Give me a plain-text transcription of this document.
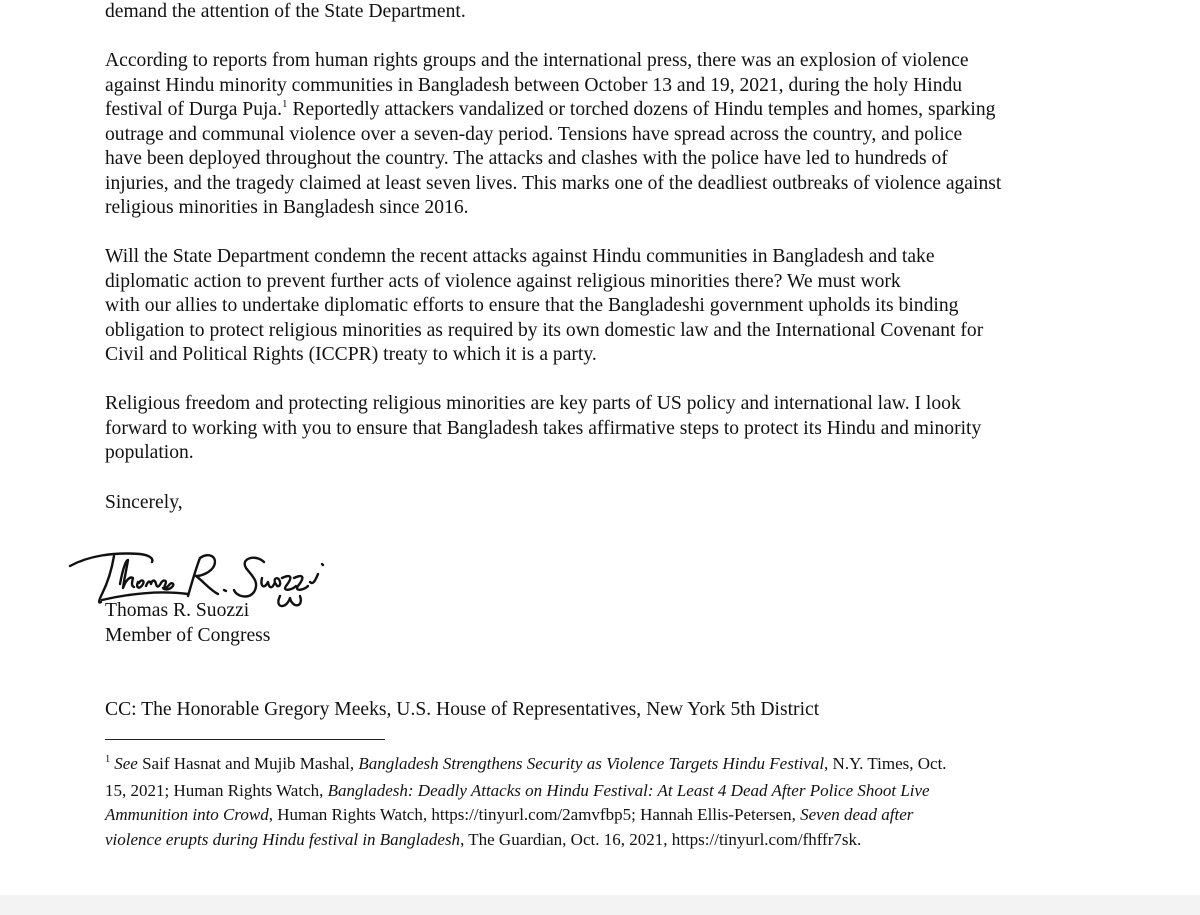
demand the attention of the State Department.
According to reports from human rights groups and the international press, there was an explosion of violence
against Hindu minority communities in Bangladesh between October 13 and 19, 2021, during the holy Hindu
festival of Durga Puja.$^1$ Reportedly attackers vandalized or torched dozens of Hindu temples and homes, sparking
outrage and communal violence over a seven-day period. Tensions have spread across the country, and police
have been deployed throughout the country. The attacks and clashes with the police have led to hundreds of
injuries, and the tragedy claimed at least seven lives. This marks one of the deadliest outbreaks of violence against
religious minorities in Bangladesh since 2016.
Will the State Department condemn the recent attacks against Hindu communities in Bangladesh and take
diplomatic action to prevent further acts of violence against religious minorities there? We must work
with our allies to undertake diplomatic efforts to ensure that the Bangladeshi government upholds its binding
obligation to protect religious minorities as required by its own domestic law and the International Covenant for
Civil and Political Rights (ICCPR) treaty to which it is a party.
Religious freedom and protecting religious minorities are key parts of US policy and international law. I look
forward to working with you to ensure that Bangladesh takes affirmative steps to protect its Hindu and minority
population.
Sincerely,
Thomas R. Suozzi
Member of Congress
CC: The Honorable Gregory Meeks, U.S. House of Representatives, New York 5th District
$^1$ See Saif Hasnat and Mujib Mashal, Bangladesh Strengthens Security as Violence Targets Hindu Festival, N.Y. Times, Oct.
15, 2021; Human Rights Watch, Bangladesh: Deadly Attacks on Hindu Festival: At Least 4 Dead After Police Shoot Live
Ammunition into Crowd, Human Rights Watch, https://tinyurl.com/2amvfbp5; Hannah Ellis-Petersen, Seven dead after
violence erupts during Hindu festival in Bangladesh, The Guardian, Oct. 16, 2021, https://tinyurl.com/fhffr7sk.
